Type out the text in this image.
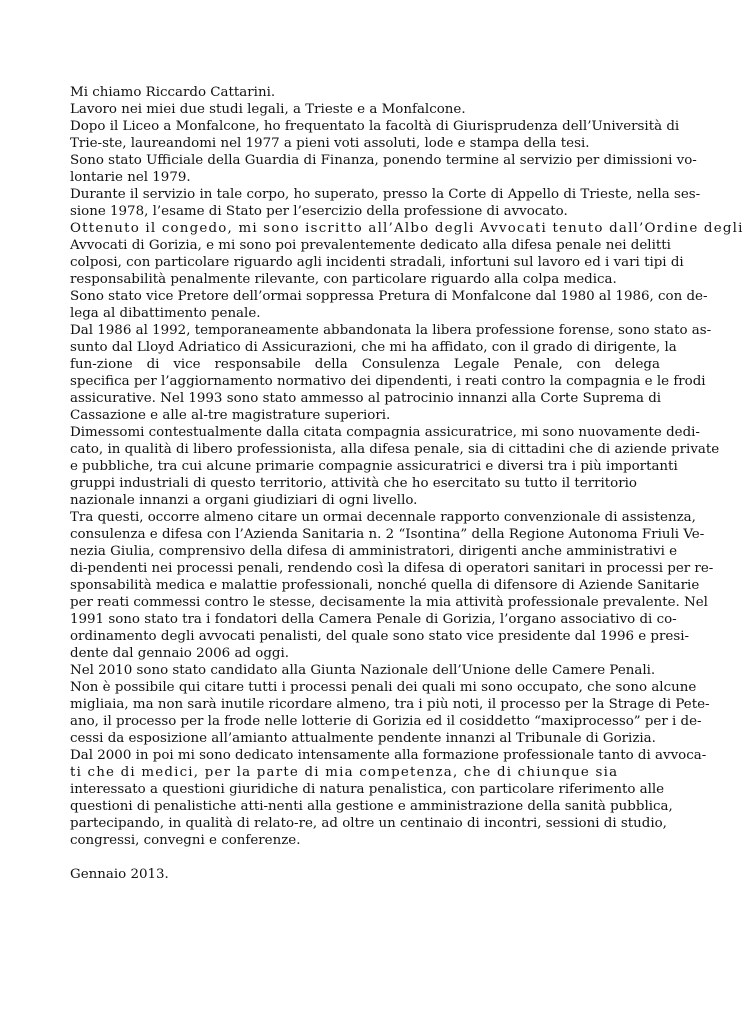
Mi chiamo Riccardo Cattarini.
Lavoro nei miei due studi legali, a Trieste e a Monfalcone.
Dopo il Liceo a Monfalcone, ho frequentato la facoltà di Giurisprudenza dell’Università di
Trie-ste, laureandomi nel 1977 a pieni voti assoluti, lode e stampa della tesi.
Sono stato Ufficiale della Guardia di Finanza, ponendo termine al servizio per dimissioni vo-
lontarie nel 1979.
Durante il servizio in tale corpo, ho superato, presso la Corte di Appello di Trieste, nella ses-
sione 1978, l’esame di Stato per l’esercizio della professione di avvocato.
Ottenuto il congedo, mi sono iscritto all’Albo degli Avvocati tenuto dall’Ordine degli
Avvocati di Gorizia, e mi sono poi prevalentemente dedicato alla difesa penale nei delitti
colposi, con particolare riguardo agli incidenti stradali, infortuni sul lavoro ed i vari tipi di
responsabilità penalmente rilevante, con particolare riguardo alla colpa medica.
Sono stato vice Pretore dell’ormai soppressa Pretura di Monfalcone dal 1980 al 1986, con de-
lega al dibattimento penale.
Dal 1986 al 1992, temporaneamente abbandonata la libera professione forense, sono stato as-
sunto dal Lloyd Adriatico di Assicurazioni, che mi ha affidato, con il grado di dirigente, la
fun-zione di vice responsabile della Consulenza Legale Penale, con delega
specifica per l’aggiornamento normativo dei dipendenti, i reati contro la compagnia e le frodi
assicurative. Nel 1993 sono stato ammesso al patrocinio innanzi alla Corte Suprema di
Cassazione e alle al-tre magistrature superiori.
Dimessomi contestualmente dalla citata compagnia assicuratrice, mi sono nuovamente dedi-
cato, in qualità di libero professionista, alla difesa penale, sia di cittadini che di aziende private
e pubbliche, tra cui alcune primarie compagnie assicuratrici e diversi tra i più importanti
gruppi industriali di questo territorio, attività che ho esercitato su tutto il territorio
nazionale innanzi a organi giudiziari di ogni livello.
Tra questi, occorre almeno citare un ormai decennale rapporto convenzionale di assistenza,
consulenza e difesa con l’Azienda Sanitaria n. 2 “Isontina” della Regione Autonoma Friuli Ve-
nezia Giulia, comprensivo della difesa di amministratori, dirigenti anche amministrativi e
di-pendenti nei processi penali, rendendo così la difesa di operatori sanitari in processi per re-
sponsabilità medica e malattie professionali, nonché quella di difensore di Aziende Sanitarie
per reati commessi contro le stesse, decisamente la mia attività professionale prevalente. Nel
1991 sono stato tra i fondatori della Camera Penale di Gorizia, l’organo associativo di co-
ordinamento degli avvocati penalisti, del quale sono stato vice presidente dal 1996 e presi-
dente dal gennaio 2006 ad oggi.
Nel 2010 sono stato candidato alla Giunta Nazionale dell’Unione delle Camere Penali.
Non è possibile qui citare tutti i processi penali dei quali mi sono occupato, che sono alcune
migliaia, ma non sarà inutile ricordare almeno, tra i più noti, il processo per la Strage di Pete-
ano, il processo per la frode nelle lotterie di Gorizia ed il cosiddetto “maxiprocesso” per i de-
cessi da esposizione all’amianto attualmente pendente innanzi al Tribunale di Gorizia.
Dal 2000 in poi mi sono dedicato intensamente alla formazione professionale tanto di avvoca-
ti che di medici, per la parte di mia competenza, che di chiunque sia
interessato a questioni giuridiche di natura penalistica, con particolare riferimento alle
questioni di penalistiche atti-nenti alla gestione e amministrazione della sanità pubblica,
partecipando, in qualità di relato-re, ad oltre un centinaio di incontri, sessioni di studio,
congressi, convegni e conferenze.
Gennaio 2013.
